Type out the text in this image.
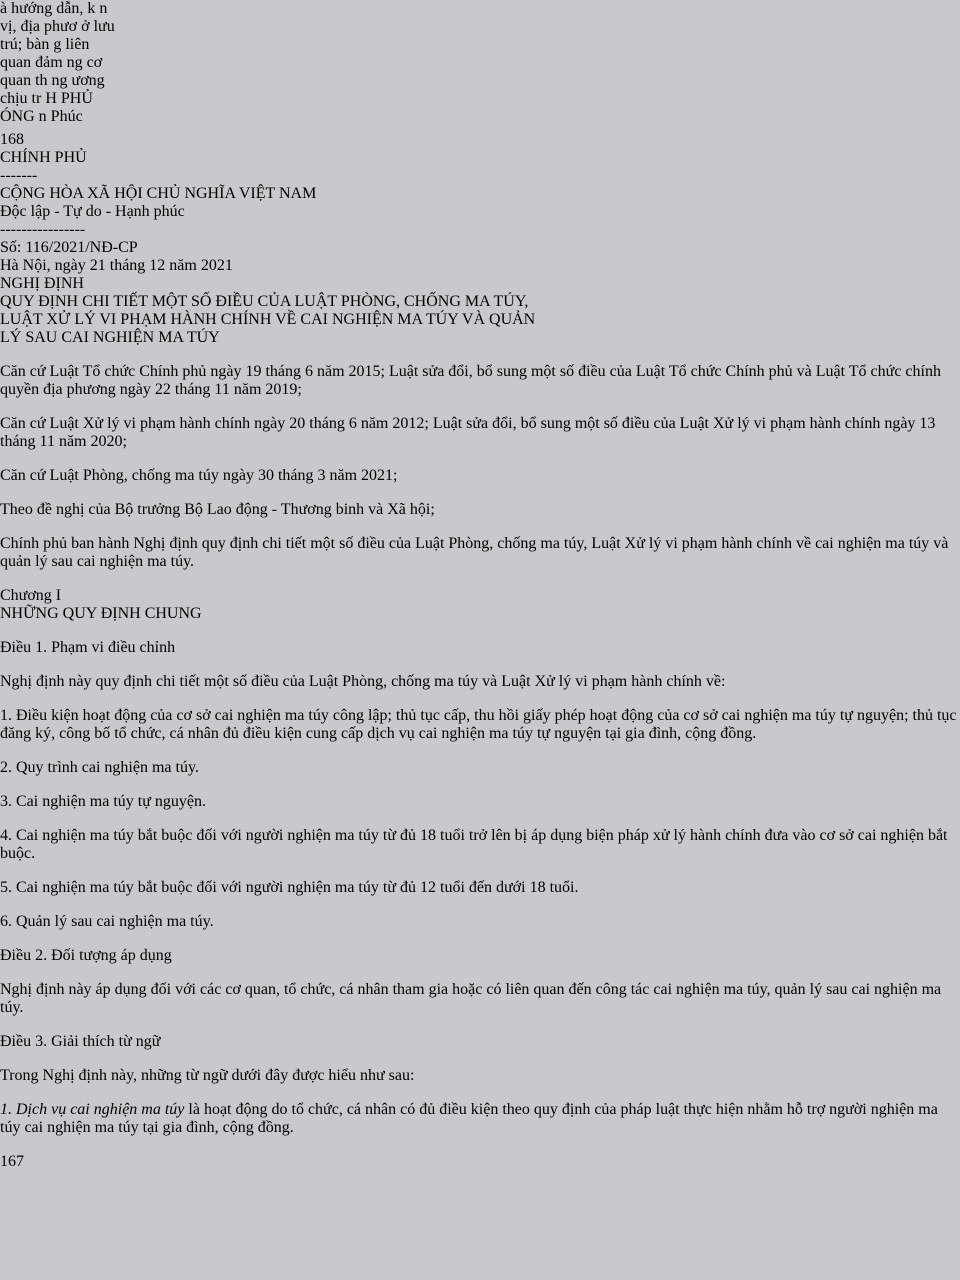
à hướng dẫn, k n vị, địa phươ ở lưu trú; bàn g liên quan đảm ng cơ quan th ng ương chịu tr H PHỦ ÓNG n Phúc
168
CHÍNH PHỦ
-------
CỘNG HÒA XÃ HỘI CHỦ NGHĨA VIỆT NAM
Độc lập - Tự do - Hạnh phúc
----------------
Số: 116/2021/NĐ-CP
Hà Nội, ngày 21 tháng 12 năm 2021
NGHỊ ĐỊNH
QUY ĐỊNH CHI TIẾT MỘT SỐ ĐIỀU CỦA LUẬT PHÒNG, CHỐNG MA TÚY,
LUẬT XỬ LÝ VI PHẠM HÀNH CHÍNH VỀ CAI NGHIỆN MA TÚY VÀ QUẢN
LÝ SAU CAI NGHIỆN MA TÚY

Căn cứ Luật Tổ chức Chính phủ ngày 19 tháng 6 năm 2015; Luật sửa đổi, bổ sung một số điều của Luật Tổ chức Chính phủ và Luật Tổ chức chính quyền địa phương ngày 22 tháng 11 năm 2019;

Căn cứ Luật Xử lý vi phạm hành chính ngày 20 tháng 6 năm 2012; Luật sửa đổi, bổ sung một số điều của Luật Xử lý vi phạm hành chính ngày 13 tháng 11 năm 2020;

Căn cứ Luật Phòng, chống ma túy ngày 30 tháng 3 năm 2021;

Theo đề nghị của Bộ trưởng Bộ Lao động - Thương binh và Xã hội;

Chính phủ ban hành Nghị định quy định chi tiết một số điều của Luật Phòng, chống ma túy, Luật Xử lý vi phạm hành chính về cai nghiện ma túy và quản lý sau cai nghiện ma túy.

Chương I
NHỮNG QUY ĐỊNH CHUNG

Điều 1. Phạm vi điều chỉnh

Nghị định này quy định chi tiết một số điều của Luật Phòng, chống ma túy và Luật Xử lý vi phạm hành chính về:

1. Điều kiện hoạt động của cơ sở cai nghiện ma túy công lập; thủ tục cấp, thu hồi giấy phép hoạt động của cơ sở cai nghiện ma túy tự nguyện; thủ tục đăng ký, công bố tổ chức, cá nhân đủ điều kiện cung cấp dịch vụ cai nghiện ma túy tự nguyện tại gia đình, cộng đồng.

2. Quy trình cai nghiện ma túy.

3. Cai nghiện ma túy tự nguyện.

4. Cai nghiện ma túy bắt buộc đối với người nghiện ma túy từ đủ 18 tuổi trở lên bị áp dụng biện pháp xử lý hành chính đưa vào cơ sở cai nghiện bắt buộc.

5. Cai nghiện ma túy bắt buộc đối với người nghiện ma túy từ đủ 12 tuổi đến dưới 18 tuổi.

6. Quản lý sau cai nghiện ma túy.

Điều 2. Đối tượng áp dụng

Nghị định này áp dụng đối với các cơ quan, tổ chức, cá nhân tham gia hoặc có liên quan đến công tác cai nghiện ma túy, quản lý sau cai nghiện ma túy.

Điều 3. Giải thích từ ngữ

Trong Nghị định này, những từ ngữ dưới đây được hiểu như sau:

1. Dịch vụ cai nghiện ma túy là hoạt động do tổ chức, cá nhân có đủ điều kiện theo quy định của pháp luật thực hiện nhằm hỗ trợ người nghiện ma túy cai nghiện ma túy tại gia đình, cộng đồng.

167
